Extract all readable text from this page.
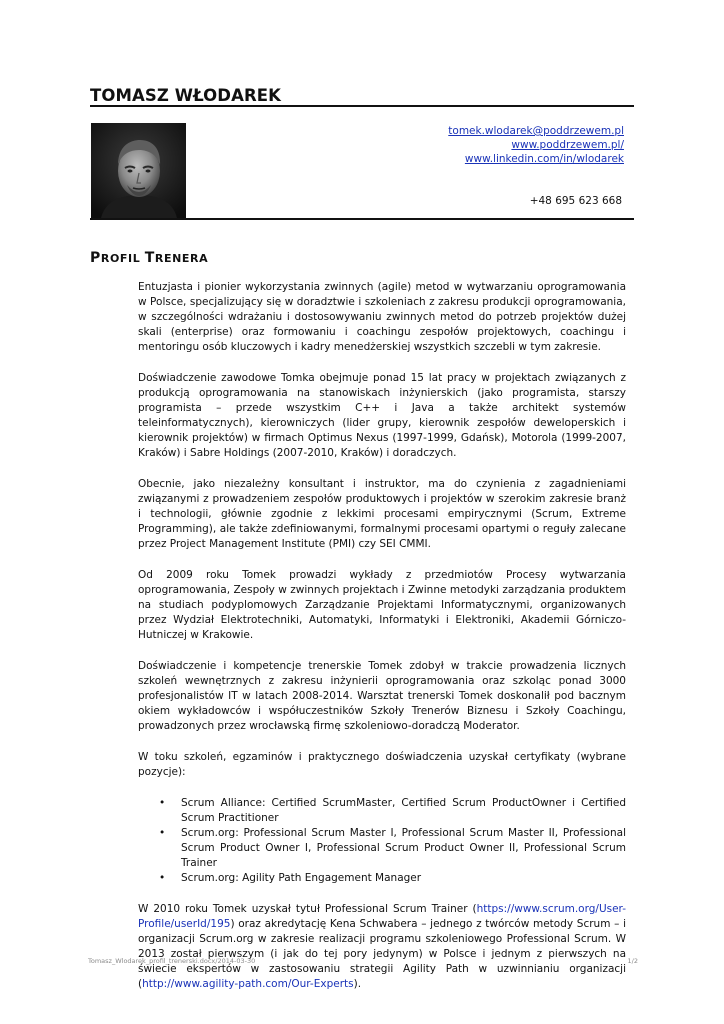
TOMASZ WŁODAREK
tomek.wlodarek@poddrzewem.pl
www.poddrzewem.pl/
www.linkedin.com/in/wlodarek
+48 695 623 668
PROFIL TRENERA

Entuzjasta i pionier wykorzystania zwinnych (agile) metod w wytwarzaniu oprogramowania w Polsce, specjalizujący się w doradztwie i szkoleniach z zakresu produkcji oprogramowania, w szczególności wdrażaniu i dostosowywaniu zwinnych metod do potrzeb projektów dużej skali (enterprise) oraz formowaniu i coachingu zespołów projektowych, coachingu i mentoringu osób kluczowych i kadry menedżerskiej wszystkich szczebli w tym zakresie.

Doświadczenie zawodowe Tomka obejmuje ponad 15 lat pracy w projektach związanych z produkcją oprogramowania na stanowiskach inżynierskich (jako programista, starszy programista – przede wszystkim C++ i Java a także architekt systemów teleinformatycznych), kierowniczych (lider grupy, kierownik zespołów deweloperskich i kierownik projektów) w firmach Optimus Nexus (1997-1999, Gdańsk), Motorola (1999-2007, Kraków) i Sabre Holdings (2007-2010, Kraków) i doradczych.

Obecnie, jako niezależny konsultant i instruktor, ma do czynienia z zagadnieniami związanymi z prowadzeniem zespołów produktowych i projektów w szerokim zakresie branż i technologii, głównie zgodnie z lekkimi procesami empirycznymi (Scrum, Extreme Programming), ale także zdefiniowanymi, formalnymi procesami opartymi o reguły zalecane przez Project Management Institute (PMI) czy SEI CMMI.

Od 2009 roku Tomek prowadzi wykłady z przedmiotów Procesy wytwarzania oprogramowania, Zespoły w zwinnych projektach i Zwinne metodyki zarządzania produktem na studiach podyplomowych Zarządzanie Projektami Informatycznymi, organizowanych przez Wydział Elektrotechniki, Automatyki, Informatyki i Elektroniki, Akademii Górniczo-Hutniczej w Krakowie.

Doświadczenie i kompetencje trenerskie Tomek zdobył w trakcie prowadzenia licznych szkoleń wewnętrznych z zakresu inżynierii oprogramowania oraz szkoląc ponad 3000 profesjonalistów IT w latach 2008-2014. Warsztat trenerski Tomek doskonalił pod bacznym okiem wykładowców i współuczestników Szkoły Trenerów Biznesu i Szkoły Coachingu, prowadzonych przez wrocławską firmę szkoleniowo-doradczą Moderator.

W toku szkoleń, egzaminów i praktycznego doświadczenia uzyskał certyfikaty (wybrane pozycje):

• Scrum Alliance: Certified ScrumMaster, Certified Scrum ProductOwner i Certified Scrum Practitioner
• Scrum.org: Professional Scrum Master I, Professional Scrum Master II, Professional Scrum Product Owner I, Professional Scrum Product Owner II, Professional Scrum Trainer
• Scrum.org: Agility Path Engagement Manager

W 2010 roku Tomek uzyskał tytuł Professional Scrum Trainer (https://www.scrum.org/User-Profile/userId/195) oraz akredytację Kena Schwabera – jednego z twórców metody Scrum – i organizacji Scrum.org w zakresie realizacji programu szkoleniowego Professional Scrum. W 2013 został pierwszym (i jak do tej pory jedynym) w Polsce i jednym z pierwszych na świecie ekspertów w zastosowaniu strategii Agility Path w uzwinnianiu organizacji (http://www.agility-path.com/Our-Experts).

Tomasz_Wlodarek_profil_trenerski.docx/2014-03-30	1/2
